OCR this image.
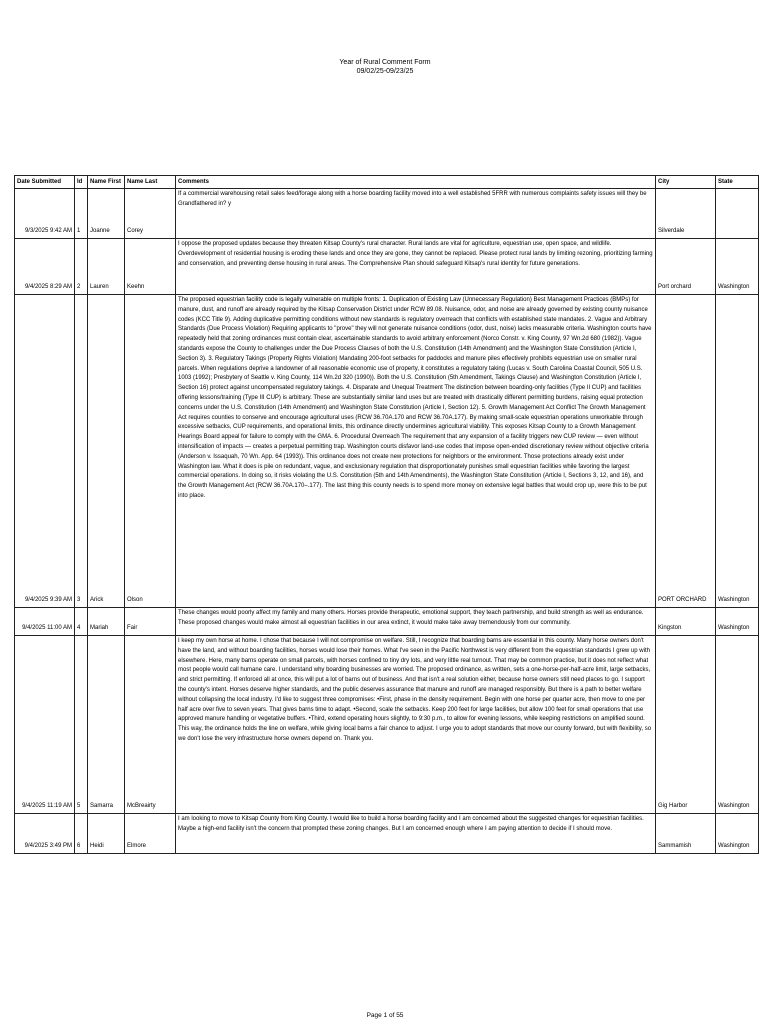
Year of Rural Comment Form
09/02/25-09/23/25
Date Submitted	Id	Name First	Name Last	Comments	City	State
9/3/2025 9:42 AM	1	Joanne	Corey	If a commercial warehousing retail sales feed/forage along with a horse boarding facility moved into a well established 5FRR with numerous complaints safety issues will they be Grandfathered in? y	Silverdale	
9/4/2025 8:29 AM	2	Lauren	Keehn	I oppose the proposed updates because they threaten Kitsap County's rural character. Rural lands are vital for agriculture, equestrian use, open space, and wildlife. Overdevelopment of residential housing is eroding these lands and once they are gone, they cannot be replaced. Please protect rural lands by limiting rezoning, prioritizing farming and conservation, and preventing dense housing in rural areas. The Comprehensive Plan should safeguard Kitsap's rural identity for future generations.	Port orchard	Washington
9/4/2025 9:39 AM	3	Arick	Olson	The proposed equestrian facility code is legally vulnerable on multiple fronts: 1. Duplication of Existing Law (Unnecessary Regulation) Best Management Practices (BMPs) for manure, dust, and runoff are already required by the Kitsap Conservation District under RCW 89.08. Nuisance, odor, and noise are already governed by existing county nuisance codes (KCC Title 9). Adding duplicative permitting conditions without new standards is regulatory overreach that conflicts with established state mandates. 2. Vague and Arbitrary Standards (Due Process Violation) Requiring applicants to "prove" they will not generate nuisance conditions (odor, dust, noise) lacks measurable criteria. Washington courts have repeatedly held that zoning ordinances must contain clear, ascertainable standards to avoid arbitrary enforcement (Norco Constr. v. King County, 97 Wn.2d 680 (1982)). Vague standards expose the County to challenges under the Due Process Clauses of both the U.S. Constitution (14th Amendment) and the Washington State Constitution (Article I, Section 3). 3. Regulatory Takings (Property Rights Violation) Mandating 200-foot setbacks for paddocks and manure piles effectively prohibits equestrian use on smaller rural parcels. When regulations deprive a landowner of all reasonable economic use of property, it constitutes a regulatory taking (Lucas v. South Carolina Coastal Council, 505 U.S. 1003 (1992); Presbytery of Seattle v. King County, 114 Wn.2d 320 (1990)). Both the U.S. Constitution (5th Amendment, Takings Clause) and Washington Constitution (Article I, Section 16) protect against uncompensated regulatory takings. 4. Disparate and Unequal Treatment The distinction between boarding-only facilities (Type II CUP) and facilities offering lessons/training (Type III CUP) is arbitrary. These are substantially similar land uses but are treated with drastically different permitting burdens, raising equal protection concerns under the U.S. Constitution (14th Amendment) and Washington State Constitution (Article I, Section 12). 5. Growth Management Act Conflict The Growth Management Act requires counties to conserve and encourage agricultural uses (RCW 36.70A.170 and RCW 36.70A.177). By making small-scale equestrian operations unworkable through excessive setbacks, CUP requirements, and operational limits, this ordinance directly undermines agricultural viability. This exposes Kitsap County to a Growth Management Hearings Board appeal for failure to comply with the GMA. 6. Procedural Overreach The requirement that any expansion of a facility triggers new CUP review — even without intensification of impacts — creates a perpetual permitting trap. Washington courts disfavor land-use codes that impose open-ended discretionary review without objective criteria (Anderson v. Issaquah, 70 Wn. App. 64 (1993)). This ordinance does not create new protections for neighbors or the environment. Those protections already exist under Washington law. What it does is pile on redundant, vague, and exclusionary regulation that disproportionately punishes small equestrian facilities while favoring the largest commercial operations. In doing so, it risks violating the U.S. Constitution (5th and 14th Amendments), the Washington State Constitution (Article I, Sections 3, 12, and 16), and the Growth Management Act (RCW 36.70A.170–.177). The last thing this county needs is to spend more money on extensive legal battles that would crop up, were this to be put into place.	PORT ORCHARD	Washington
9/4/2025 11:00 AM	4	Mariah	Fair	These changes would poorly affect my family and many others. Horses provide therapeutic, emotional support, they teach partnership, and build strength as well as endurance. These proposed changes would make almost all equestrian facilities in our area extinct, it would make take away tremendously from our community.	Kingston	Washington
9/4/2025 11:19 AM	5	Samarra	McBreairty	I keep my own horse at home. I chose that because I will not compromise on welfare. Still, I recognize that boarding barns are essential in this county. Many horse owners don't have the land, and without boarding facilities, horses would lose their homes. What I've seen in the Pacific Northwest is very different from the equestrian standards I grew up with elsewhere. Here, many barns operate on small parcels, with horses confined to tiny dry lots, and very little real turnout. That may be common practice, but it does not reflect what most people would call humane care. I understand why boarding businesses are worried. The proposed ordinance, as written, sets a one-horse-per-half-acre limit, large setbacks, and strict permitting. If enforced all at once, this will put a lot of barns out of business. And that isn't a real solution either, because horse owners still need places to go. I support the county's intent. Horses deserve higher standards, and the public deserves assurance that manure and runoff are managed responsibly. But there is a path to better welfare without collapsing the local industry. I'd like to suggest three compromises: •First, phase in the density requirement. Begin with one horse per quarter acre, then move to one per half acre over five to seven years. That gives barns time to adapt. •Second, scale the setbacks. Keep 200 feet for large facilities, but allow 100 feet for small operations that use approved manure handling or vegetative buffers. •Third, extend operating hours slightly, to 9:30 p.m., to allow for evening lessons, while keeping restrictions on amplified sound. This way, the ordinance holds the line on welfare, while giving local barns a fair chance to adjust. I urge you to adopt standards that move our county forward, but with flexibility, so we don't lose the very infrastructure horse owners depend on. Thank you.	Gig Harbor	Washington
9/4/2025 3:49 PM	6	Heidi	Elmore	I am looking to move to Kitsap County from King County. I would like to build a horse boarding facility and I am concerned about the suggested changes for equestrian facilities. Maybe a high-end facility isn't the concern that prompted these zoning changes. But I am concerned enough where I am paying attention to decide if I should move.	Sammamish	Washington
Page 1 of 55
